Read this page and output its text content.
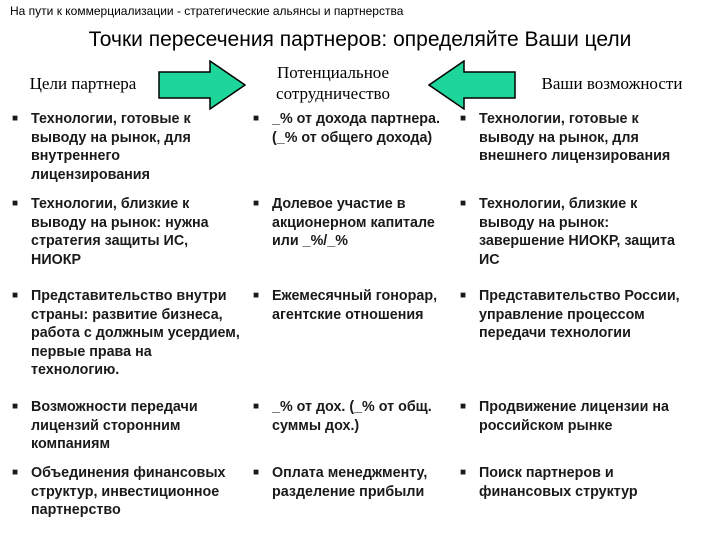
На пути к коммерциализации - стратегические альянсы и партнерства
Точки пересечения партнеров: определяйте Ваши цели
Цели партнера
Потенциальное
сотрудничество
Ваши возможности
■ Технологии, готовые к выводу на рынок, для внутреннего лицензирования
■ _% от дохода партнера. (_% от общего дохода)
■ Технологии, готовые к выводу на рынок, для внешнего лицензирования
■ Технологии, близкие к выводу на рынок: нужна стратегия защиты ИС, НИОКР
■ Долевое участие в акционерном капитале или _%/_%
■ Технологии, близкие к выводу на рынок: завершение НИОКР, защита ИС
■ Представительство внутри страны: развитие бизнеса, работа с должным усердием, первые права на технологию.
■ Ежемесячный гонорар, агентские отношения
■ Представительство России, управление процессом передачи технологии
■ Возможности передачи лицензий сторонним компаниям
■ _% от дох. (_% от общ. суммы дох.)
■ Продвижение лицензии на российском рынке
■ Объединения финансовых структур, инвестиционное партнерство
■ Оплата менеджменту, разделение прибыли
■ Поиск партнеров и финансовых структур
